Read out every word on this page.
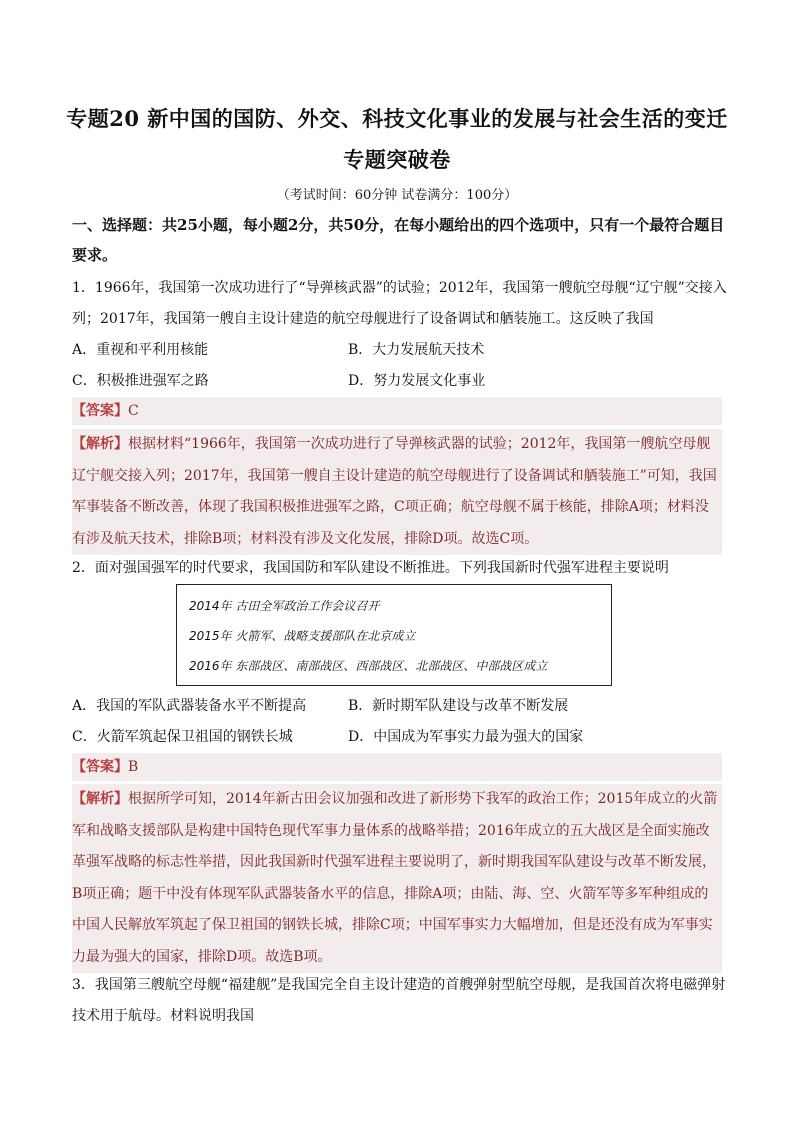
专题20 新中国的国防、外交、科技文化事业的发展与社会生活的变迁
专题突破卷
（考试时间：60分钟 试卷满分：100分）
一、选择题：共25小题，每小题2分，共50分，在每小题给出的四个选项中，只有一个最符合题目要求。
1．1966年，我国第一次成功进行了“导弹核武器”的试验；2012年，我国第一艘航空母舰“辽宁舰”交接入列；2017年，我国第一艘自主设计建造的航空母舰进行了设备调试和舾装施工。这反映了我国
A．重视和平利用核能	B．大力发展航天技术
C．积极推进强军之路	D．努力发展文化事业
【答案】C
【解析】根据材料“1966年，我国第一次成功进行了导弹核武器的试验；2012年，我国第一艘航空母舰辽宁舰交接入列；2017年，我国第一艘自主设计建造的航空母舰进行了设备调试和舾装施工”可知，我国军事装备不断改善，体现了我国积极推进强军之路，C项正确；航空母舰不属于核能，排除A项；材料没有涉及航天技术，排除B项；材料没有涉及文化发展，排除D项。故选C项。
2．面对强国强军的时代要求，我国国防和军队建设不断推进。下列我国新时代强军进程主要说明
2014年 古田全军政治工作会议召开
2015年 火箭军、战略支援部队在北京成立
2016年 东部战区、南部战区、西部战区、北部战区、中部战区成立
A．我国的军队武器装备水平不断提高	B．新时期军队建设与改革不断发展
C．火箭军筑起保卫祖国的钢铁长城	D．中国成为军事实力最为强大的国家
【答案】B
【解析】根据所学可知，2014年新古田会议加强和改进了新形势下我军的政治工作；2015年成立的火箭军和战略支援部队是构建中国特色现代军事力量体系的战略举措；2016年成立的五大战区是全面实施改革强军战略的标志性举措，因此我国新时代强军进程主要说明了，新时期我国军队建设与改革不断发展，B项正确；题干中没有体现军队武器装备水平的信息，排除A项；由陆、海、空、火箭军等多军种组成的中国人民解放军筑起了保卫祖国的钢铁长城，排除C项；中国军事实力大幅增加，但是还没有成为军事实力最为强大的国家，排除D项。故选B项。
3．我国第三艘航空母舰“福建舰”是我国完全自主设计建造的首艘弹射型航空母舰，是我国首次将电磁弹射技术用于航母。材料说明我国
